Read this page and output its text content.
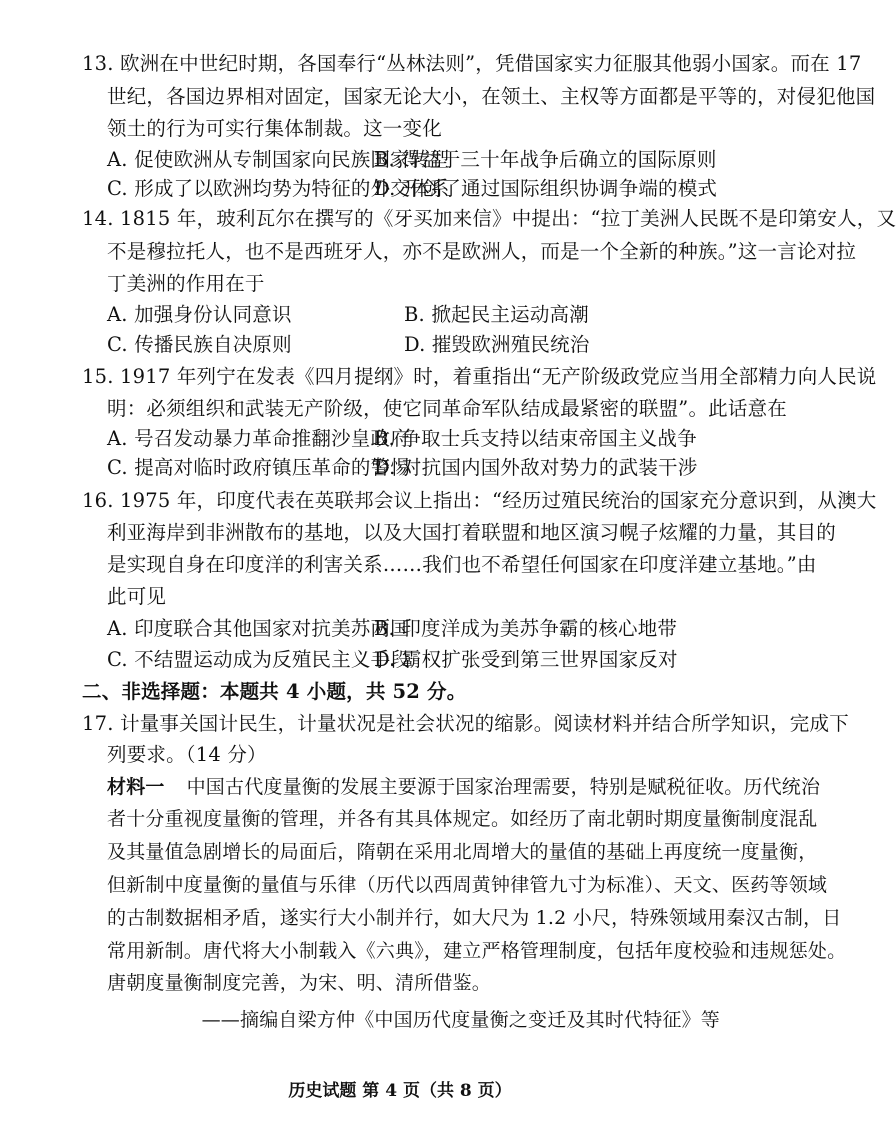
13. 欧洲在中世纪时期，各国奉行“丛林法则”，凭借国家实力征服其他弱小国家。而在 17
世纪，各国边界相对固定，国家无论大小，在领土、主权等方面都是平等的，对侵犯他国
领土的行为可实行集体制裁。这一变化
A. 促使欧洲从专制国家向民族国家转型
B. 得益于三十年战争后确立的国际原则
C. 形成了以欧洲均势为特征的外交体系
D. 开创了通过国际组织协调争端的模式
14. 1815 年，玻利瓦尔在撰写的《牙买加来信》中提出：“拉丁美洲人民既不是印第安人，又
不是穆拉托人，也不是西班牙人，亦不是欧洲人，而是一个全新的种族。”这一言论对拉
丁美洲的作用在于
A. 加强身份认同意识	B. 掀起民主运动高潮
C. 传播民族自决原则	D. 摧毁欧洲殖民统治
15. 1917 年列宁在发表《四月提纲》时，着重指出“无产阶级政党应当用全部精力向人民说
明：必须组织和武装无产阶级，使它同革命军队结成最紧密的联盟”。此话意在
A. 号召发动暴力革命推翻沙皇政府
B. 争取士兵支持以结束帝国主义战争
C. 提高对临时政府镇压革命的警惕
D. 对抗国内国外敌对势力的武装干涉
16. 1975 年，印度代表在英联邦会议上指出：“经历过殖民统治的国家充分意识到，从澳大
利亚海岸到非洲散布的基地，以及大国打着联盟和地区演习幌子炫耀的力量，其目的
是实现自身在印度洋的利害关系……我们也不希望任何国家在印度洋建立基地。”由
此可见
A. 印度联合其他国家对抗美苏两国
B. 印度洋成为美苏争霸的核心地带
C. 不结盟运动成为反殖民主义手段
D. 霸权扩张受到第三世界国家反对
二、非选择题：本题共 4 小题，共 52 分。
17. 计量事关国计民生，计量状况是社会状况的缩影。阅读材料并结合所学知识，完成下
列要求。（14 分）
材料一 中国古代度量衡的发展主要源于国家治理需要，特别是赋税征收。历代统治
者十分重视度量衡的管理，并各有其具体规定。如经历了南北朝时期度量衡制度混乱
及其量值急剧增长的局面后，隋朝在采用北周增大的量值的基础上再度统一度量衡，
但新制中度量衡的量值与乐律（历代以西周黄钟律管九寸为标准）、天文、医药等领域
的古制数据相矛盾，遂实行大小制并行，如大尺为 1.2 小尺，特殊领域用秦汉古制，日
常用新制。唐代将大小制载入《六典》，建立严格管理制度，包括年度校验和违规惩处。
唐朝度量衡制度完善，为宋、明、清所借鉴。
——摘编自梁方仲《中国历代度量衡之变迁及其时代特征》等
历史试题 第 4 页（共 8 页）
